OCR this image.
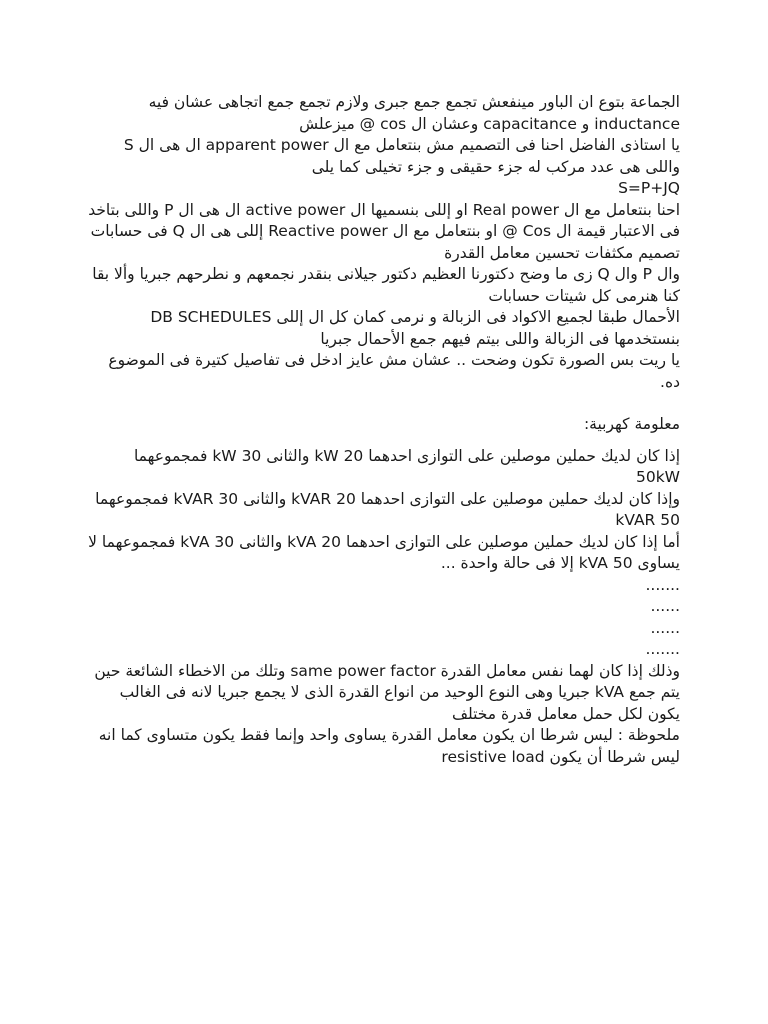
الجماعة بتوع ان الباور مينفعش تجمع جمع جبرى ولازم تجمع جمع اتجاهى عشان فيه inductance و capacitance وعشان ال cos @ ميزعلش

يا استاذى الفاضل احنا فى التصميم مش بنتعامل مع ال apparent power ال هى ال S واللى هى عدد مركب له جزء حقيقى و جزء تخيلى كما يلى

S=P+JQ

احنا بنتعامل مع ال Real power او إللى بنسميها ال active power ال هى ال P واللى بتاخد فى الاعتبار قيمة ال Cos @ او بنتعامل مع ال Reactive power إللى هى ال Q فى حسابات تصميم مكثفات تحسين معامل القدرة

وال P وال Q زى ما وضح دكتورنا العظيم دكتور جيلانى بنقدر نجمعهم و نطرحهم جبريا وألا بقا كنا هنرمى كل شيتات حسابات

DB SCHEDULES الأحمال طبقا لجميع الاكواد فى الزبالة و نرمى كمان كل ال إللى بنستخدمها فى الزبالة واللى بيتم فيهم جمع الأحمال جبريا

يا ريت بس الصورة تكون وضحت .. عشان مش عايز ادخل فى تفاصيل كتيرة فى الموضوع ده.

معلومة كهربية:

إذا كان لديك حملين موصلين على التوازى احدهما 20 kW والثانى 30 kW فمجموعهما 50kW

وإذا كان لديك حملين موصلين على التوازى احدهما 20 kVAR والثانى 30 kVAR فمجموعهما 50 kVAR

أما إذا كان لديك حملين موصلين على التوازى احدهما 20 kVA والثانى 30 kVA فمجموعهما لا يساوى 50 kVA إلا فى حالة واحدة ...

.......

......

......

.......

وذلك إذا كان لهما نفس معامل القدرة same power factor وتلك من الاخطاء الشائعة حين يتم جمع kVA جبريا وهى النوع الوحيد من انواع القدرة الذى لا يجمع جبريا لانه فى الغالب يكون لكل حمل معامل قدرة مختلف

ملحوظة : ليس شرطا ان يكون معامل القدرة يساوى واحد وإنما فقط يكون متساوى كما انه ليس شرطا أن يكون resistive load
